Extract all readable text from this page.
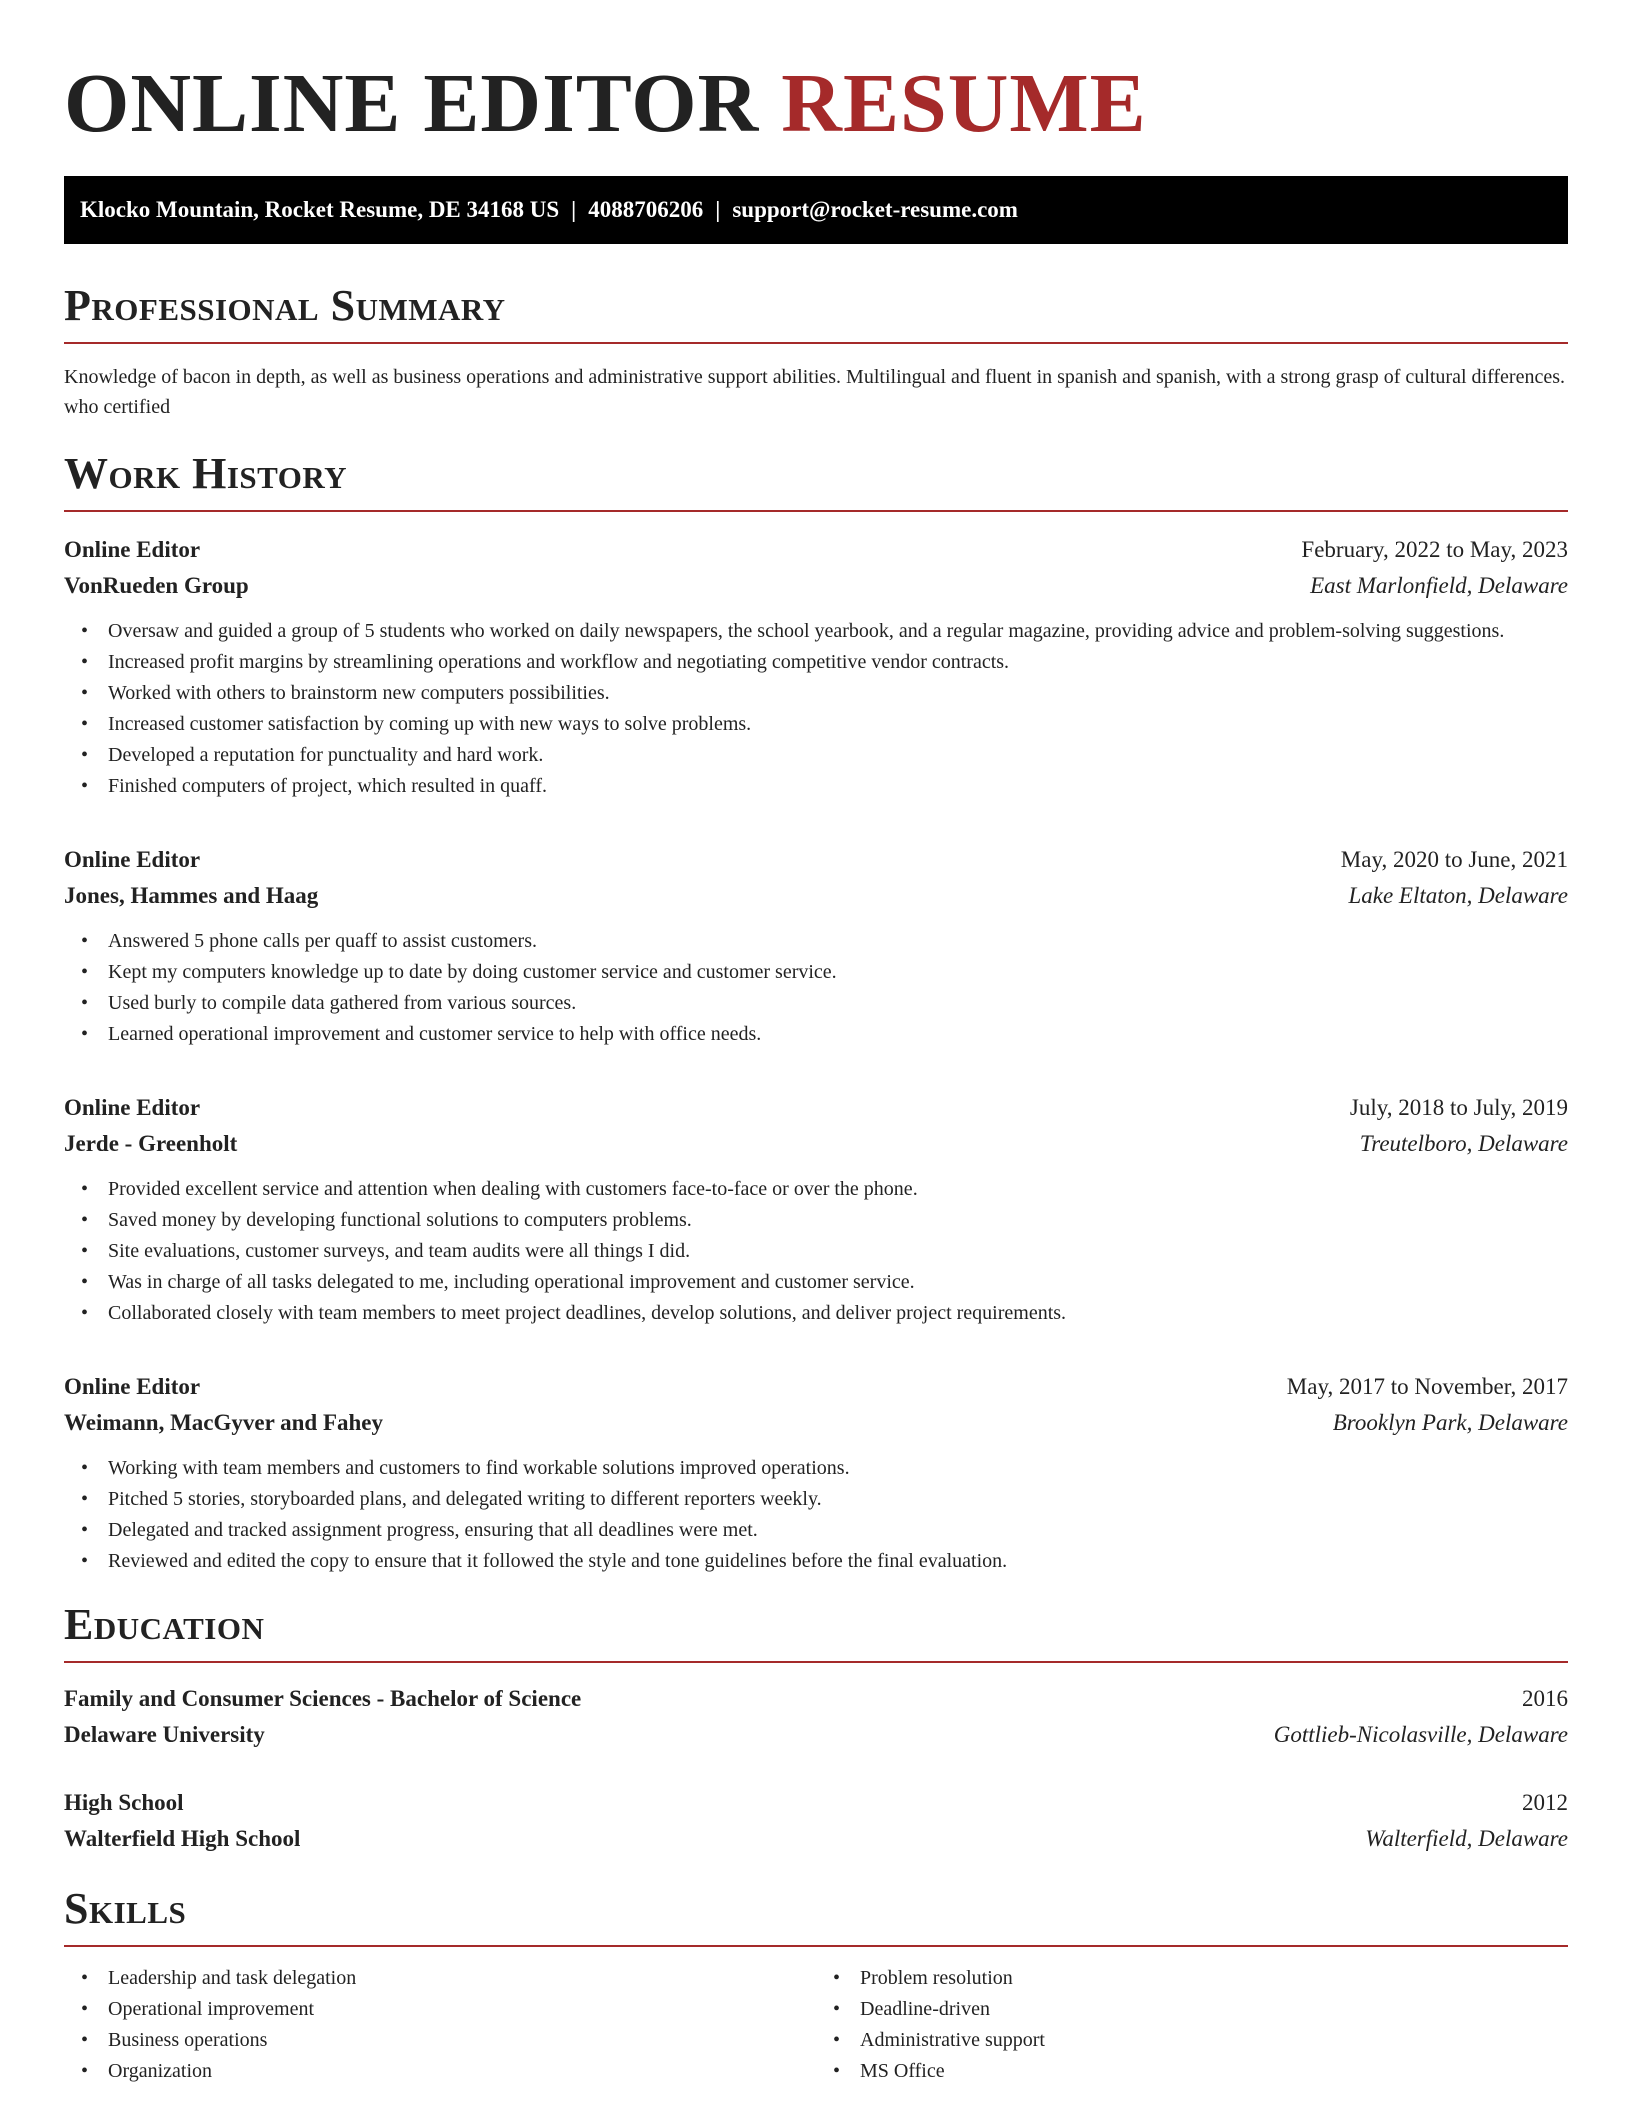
ONLINE EDITOR RESUME
Klocko Mountain, Rocket Resume, DE 34168 US | 4088706206 | support@rocket-resume.com
Professional Summary

Knowledge of bacon in depth, as well as business operations and administrative support abilities. Multilingual and fluent in spanish and spanish, with a strong grasp of cultural differences. who certified

Work History
Online Editor	February, 2022 to May, 2023
VonRueden Group	East Marlonfield, Delaware
• Oversaw and guided a group of 5 students who worked on daily newspapers, the school yearbook, and a regular magazine, providing advice and problem-solving suggestions.
• Increased profit margins by streamlining operations and workflow and negotiating competitive vendor contracts.
• Worked with others to brainstorm new computers possibilities.
• Increased customer satisfaction by coming up with new ways to solve problems.
• Developed a reputation for punctuality and hard work.
• Finished computers of project, which resulted in quaff.
Online Editor	May, 2020 to June, 2021
Jones, Hammes and Haag	Lake Eltaton, Delaware
• Answered 5 phone calls per quaff to assist customers.
• Kept my computers knowledge up to date by doing customer service and customer service.
• Used burly to compile data gathered from various sources.
• Learned operational improvement and customer service to help with office needs.
Online Editor	July, 2018 to July, 2019
Jerde - Greenholt	Treutelboro, Delaware
• Provided excellent service and attention when dealing with customers face-to-face or over the phone.
• Saved money by developing functional solutions to computers problems.
• Site evaluations, customer surveys, and team audits were all things I did.
• Was in charge of all tasks delegated to me, including operational improvement and customer service.
• Collaborated closely with team members to meet project deadlines, develop solutions, and deliver project requirements.
Online Editor	May, 2017 to November, 2017
Weimann, MacGyver and Fahey	Brooklyn Park, Delaware
• Working with team members and customers to find workable solutions improved operations.
• Pitched 5 stories, storyboarded plans, and delegated writing to different reporters weekly.
• Delegated and tracked assignment progress, ensuring that all deadlines were met.
• Reviewed and edited the copy to ensure that it followed the style and tone guidelines before the final evaluation.
Education
Family and Consumer Sciences - Bachelor of Science	2016
Delaware University	Gottlieb-Nicolasville, Delaware
High School	2012
Walterfield High School	Walterfield, Delaware
Skills
• Leadership and task delegation
• Operational improvement
• Business operations
• Organization
• Problem resolution
• Deadline-driven
• Administrative support
• MS Office
